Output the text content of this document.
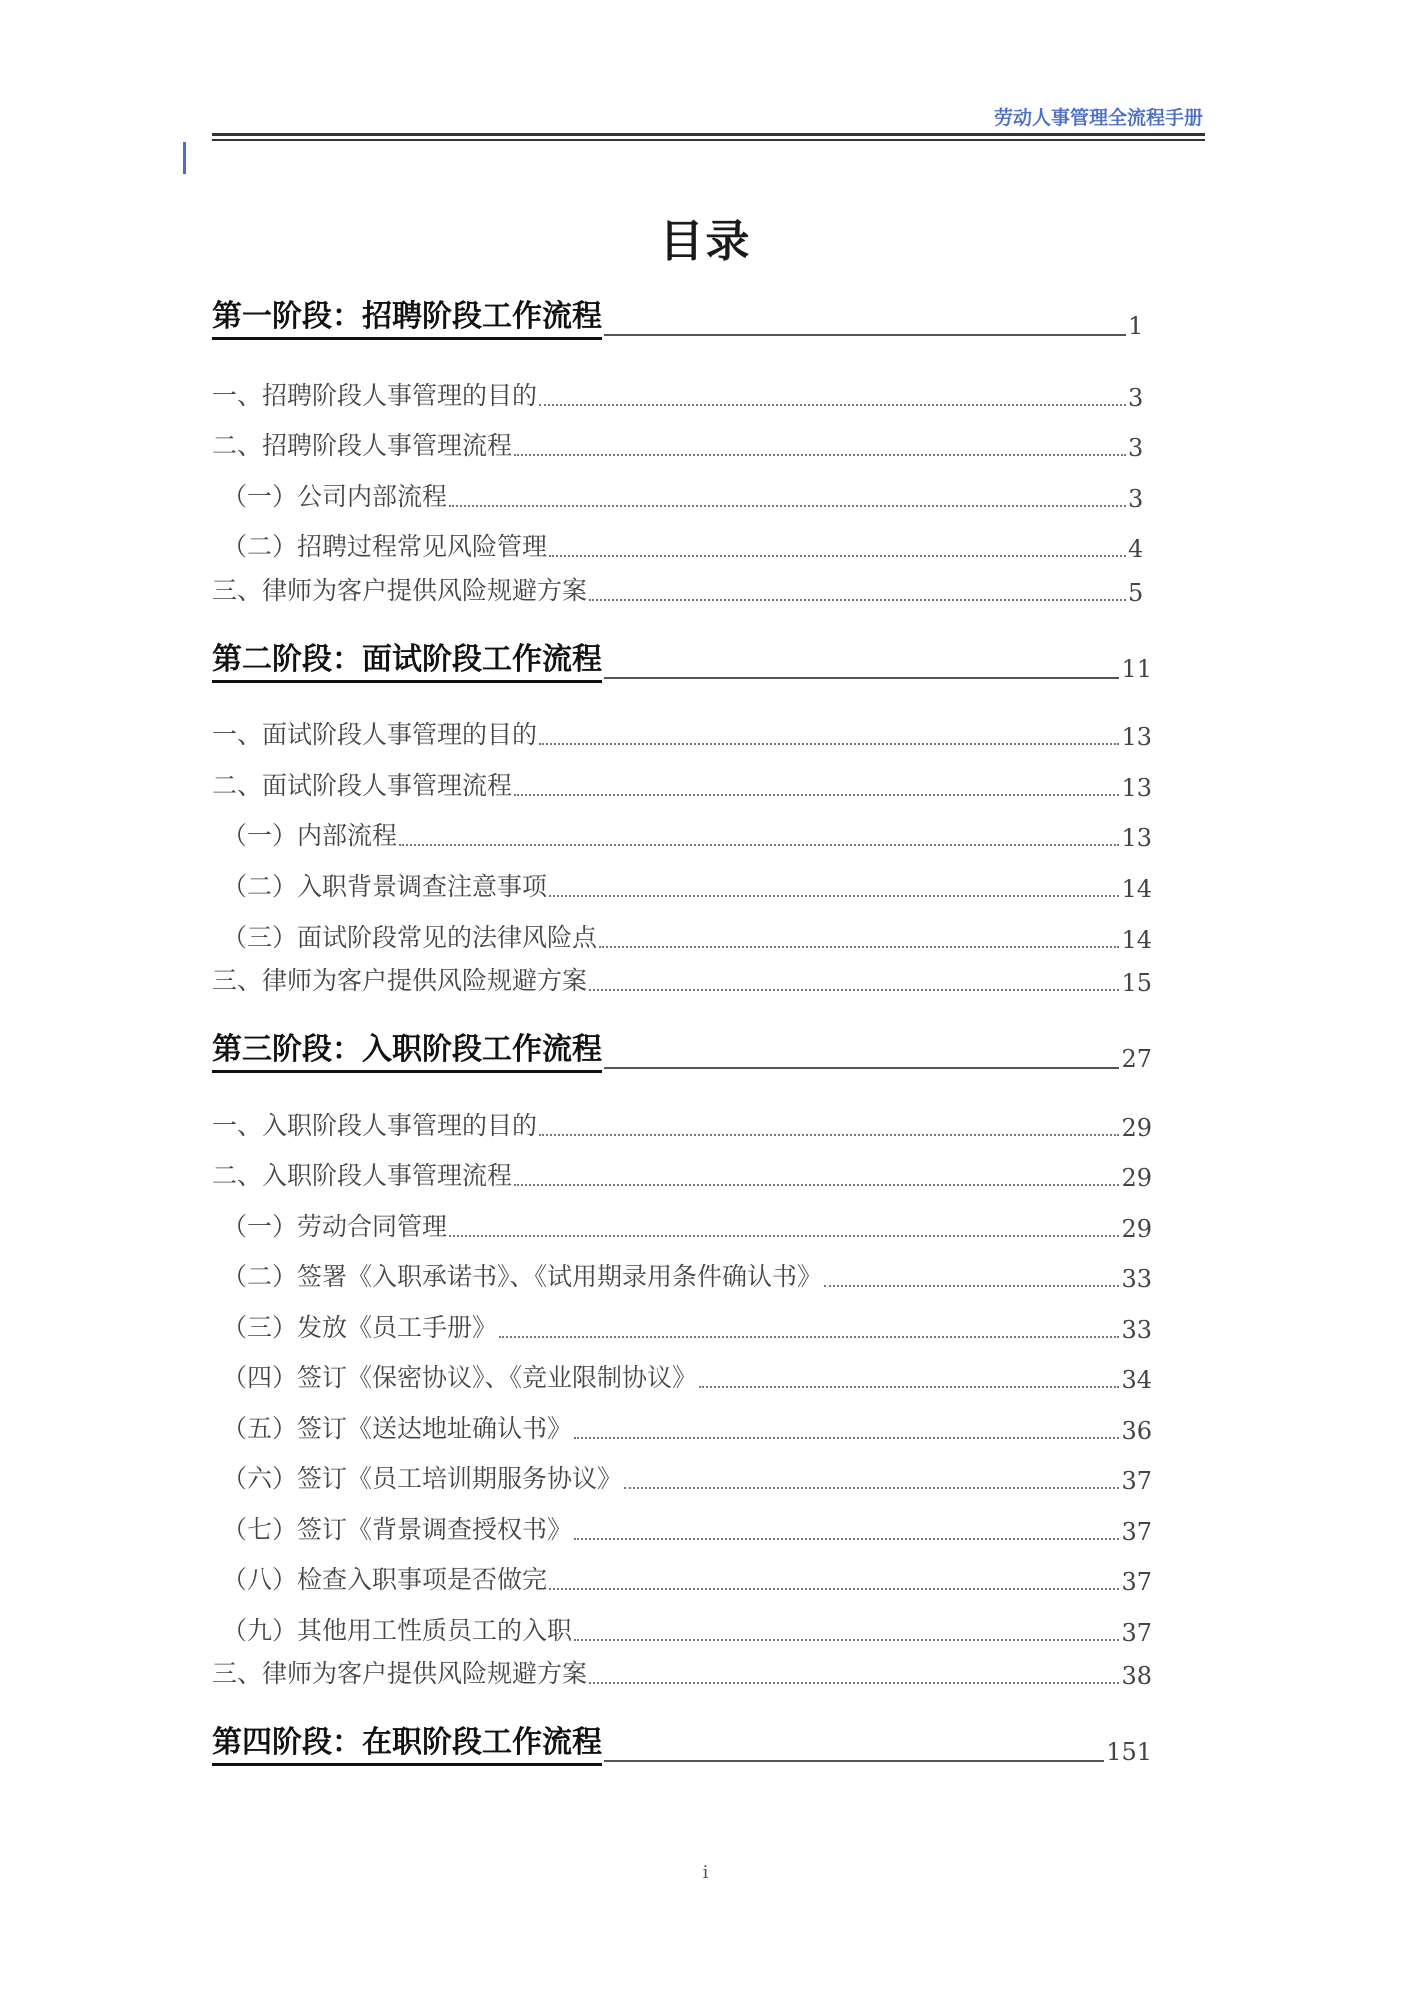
劳动人事管理全流程手册
目录
第一阶段：招聘阶段工作流程	1
一、招聘阶段人事管理的目的	3
二、招聘阶段人事管理流程	3
（一）公司内部流程	3
（二）招聘过程常见风险管理	4
三、律师为客户提供风险规避方案	5
第二阶段：面试阶段工作流程	11
一、面试阶段人事管理的目的	13
二、面试阶段人事管理流程	13
（一）内部流程	13
（二）入职背景调查注意事项	14
（三）面试阶段常见的法律风险点	14
三、律师为客户提供风险规避方案	15
第三阶段：入职阶段工作流程	27
一、入职阶段人事管理的目的	29
二、入职阶段人事管理流程	29
（一）劳动合同管理	29
（二）签署《入职承诺书》、《试用期录用条件确认书》	33
（三）发放《员工手册》	33
（四）签订《保密协议》、《竞业限制协议》	34
（五）签订《送达地址确认书》	36
（六）签订《员工培训期服务协议》	37
（七）签订《背景调查授权书》	37
（八）检查入职事项是否做完	37
（九）其他用工性质员工的入职	37
三、律师为客户提供风险规避方案	38
第四阶段：在职阶段工作流程	151
i
